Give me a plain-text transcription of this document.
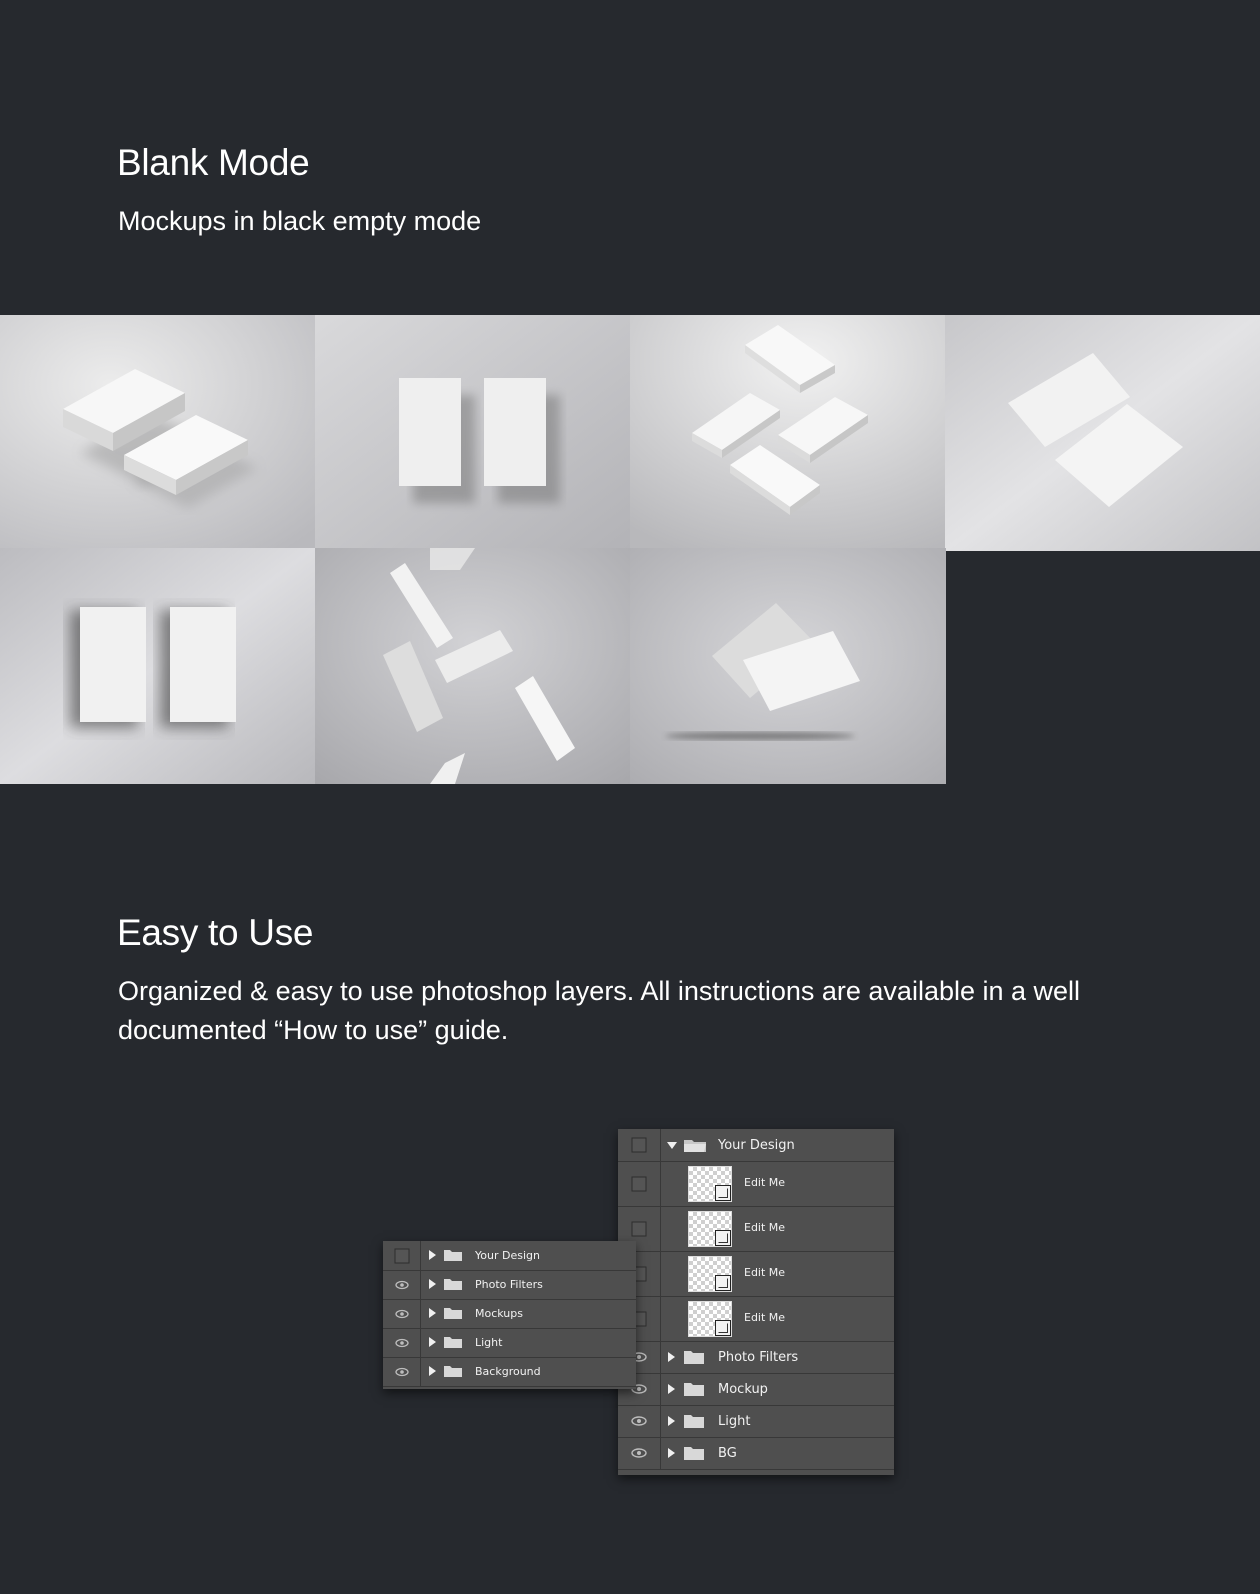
Blank Mode

Mockups in black empty mode

Easy to Use

Organized & easy to use photoshop layers. All instructions are available in a well documented “How to use” guide.

Your Design
Edit Me
Edit Me
Edit Me
Edit Me
Photo Filters
Mockup
Light
BG
Your Design
Photo Filters
Mockups
Light
Background
